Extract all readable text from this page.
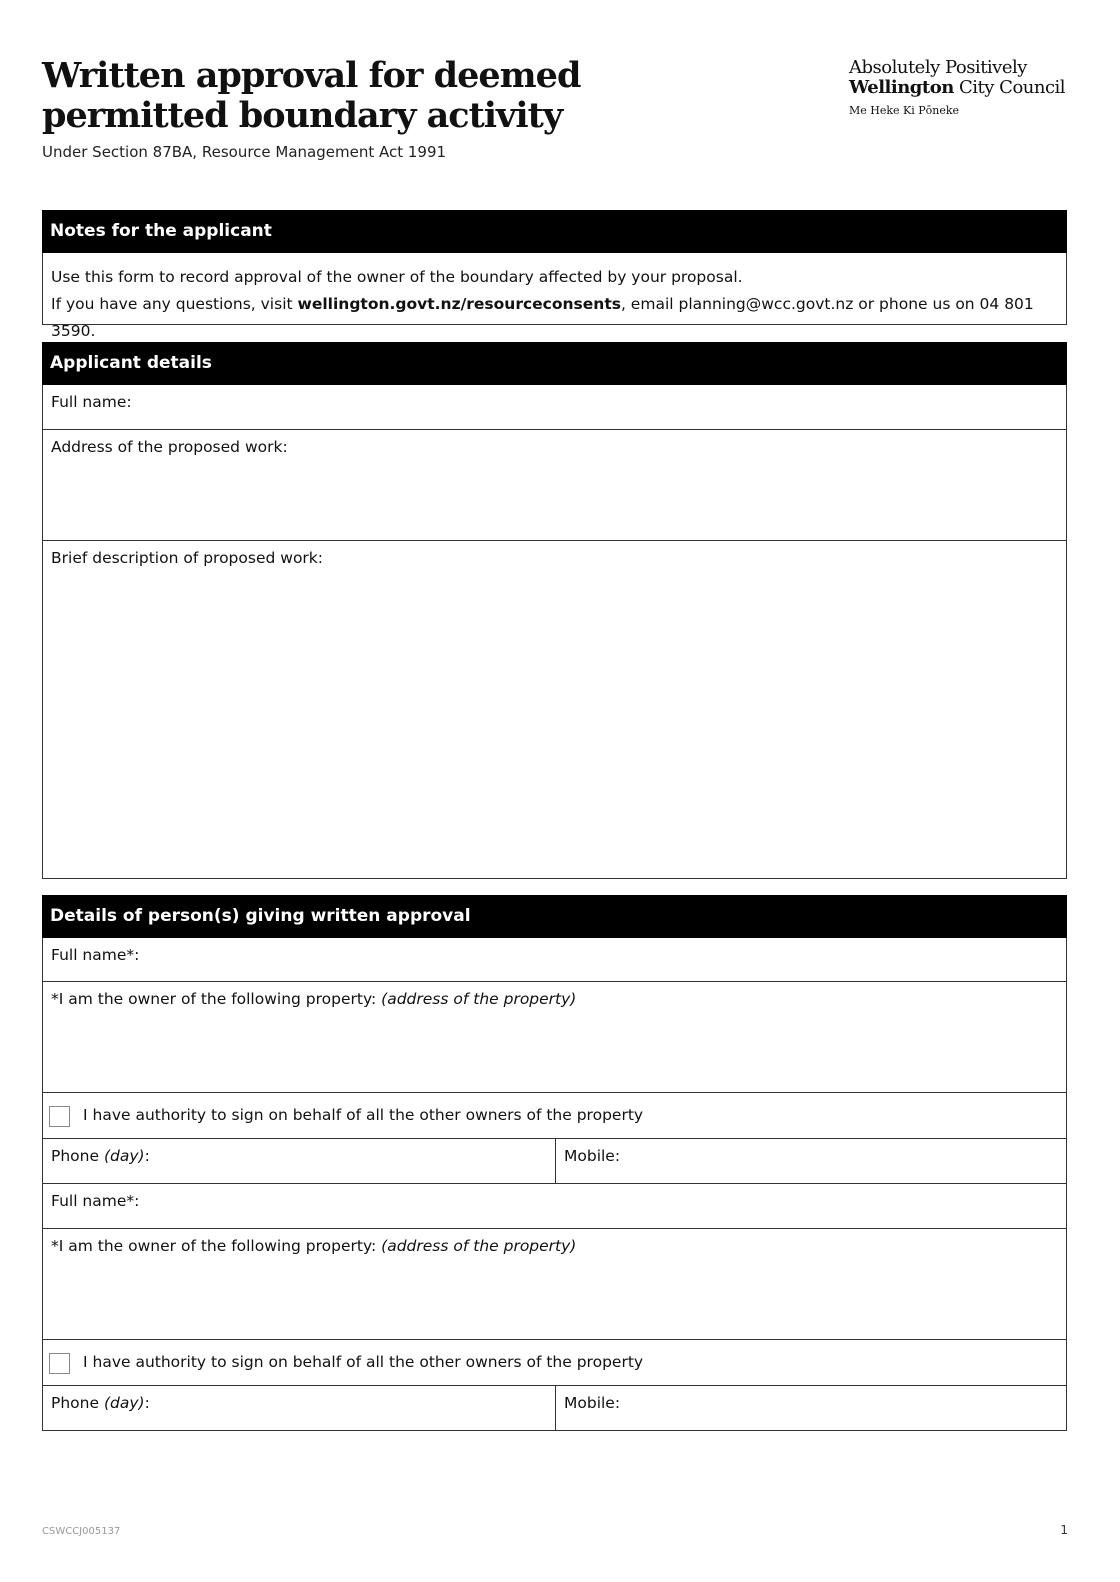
Written approval for deemed
permitted boundary activity
Under Section 87BA, Resource Management Act 1991
Absolutely Positively
Wellington City Council
Me Heke Ki Pōneke
Notes for the applicant
Use this form to record approval of the owner of the boundary affected by your proposal.
If you have any questions, visit wellington.govt.nz/resourceconsents, email planning@wcc.govt.nz or phone us on 04 801 3590.
Applicant details
Full name:
Address of the proposed work:
Brief description of proposed work:
Details of person(s) giving written approval
Full name*:
*I am the owner of the following property: (address of the property)
I have authority to sign on behalf of all the other owners of the property
Phone (day):	Mobile:
Full name*:
*I am the owner of the following property: (address of the property)
I have authority to sign on behalf of all the other owners of the property
Phone (day):	Mobile:
CSWCCJ005137	1
